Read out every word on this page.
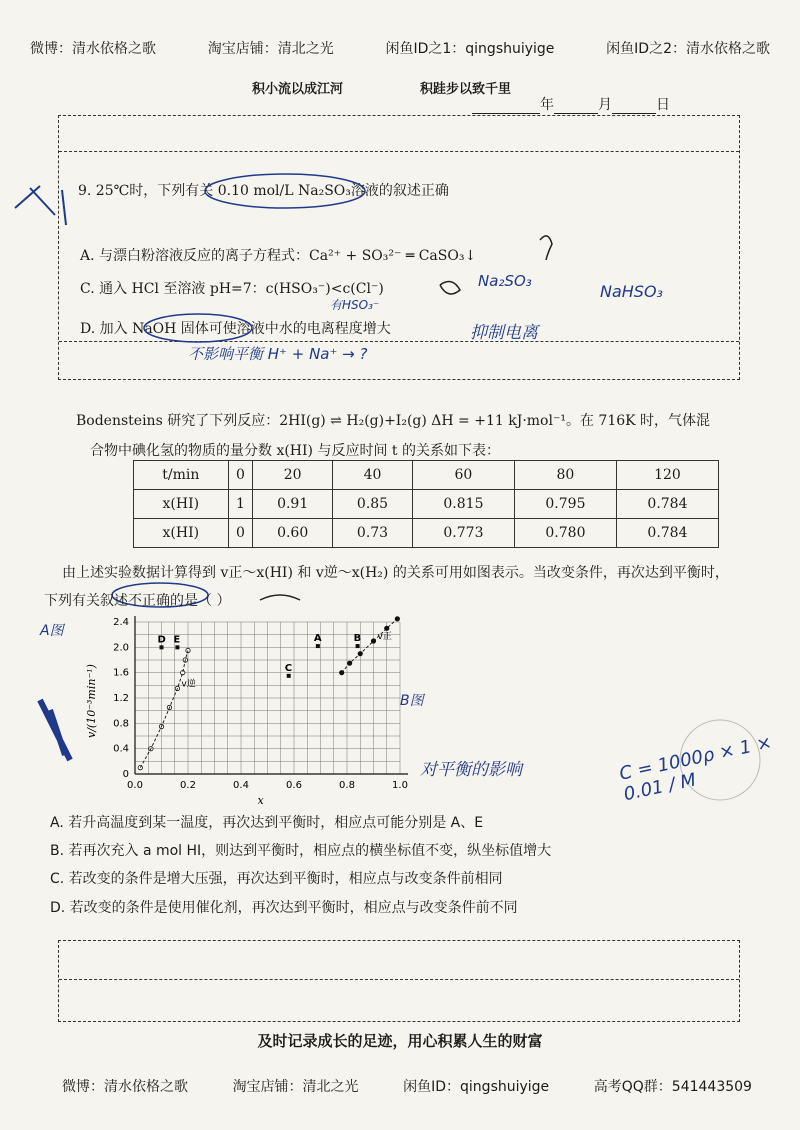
微博：清水依格之歌	淘宝店铺：清北之光	闲鱼ID之1：qingshuiyige	闲鱼ID之2：清水依格之歌
积小流以成江河	积跬步以致千里
年	月	日
9. 25℃时，下列有关 0.10 mol/L Na₂SO₃溶液的叙述正确
A. 与漂白粉溶液反应的离子方程式：Ca²⁺ + SO₃²⁻ ═ CaSO₃↓
C. 通入 HCl 至溶液 pH=7：c(HSO₃⁻)<c(Cl⁻)
D. 加入 NaOH 固体可使溶液中水的电离程度增大
NaHSO₃
Na₂SO₃
有HSO₃⁻
不影响平衡 H⁺ + Na⁺ → ?
抑制电离
Bodensteins 研究了下列反应：2HI(g) ⇌ H₂(g)+I₂(g) ΔH = +11 kJ·mol⁻¹。在 716K 时，气体混
合物中碘化氢的物质的量分数 x(HI) 与反应时间 t 的关系如下表：
t/min	0	20	40	60	80	120
x(HI)	1	0.91	0.85	0.815	0.795	0.784
x(HI)	0	0.60	0.73	0.773	0.780	0.784
由上述实验数据计算得到 v正～x(HI) 和 v逆～x(H₂) 的关系可用如图表示。当改变条件，再次达到平衡时，
下列有关叙述不正确的是（ ）
0.0	0.2	0.4	0.6	0.8	1.0
0
0.4
0.8
1.2
1.6
2.0
2.4
x
v/(10⁻³min⁻¹)	v逆
v正
D E	A	B
C
A图
B图
对平衡的影响	C = 1000ρ × 1 × 0.01 / M
A. 若升高温度到某一温度，再次达到平衡时，相应点可能分别是 A、E
B. 若再次充入 a mol HI，则达到平衡时，相应点的横坐标值不变，纵坐标值增大
C. 若改变的条件是增大压强，再次达到平衡时，相应点与改变条件前相同
D. 若改变的条件是使用催化剂，再次达到平衡时，相应点与改变条件前不同
及时记录成长的足迹，用心积累人生的财富
微博：清水依格之歌	淘宝店铺：清北之光	闲鱼ID：qingshuiyige	高考QQ群：541443509
